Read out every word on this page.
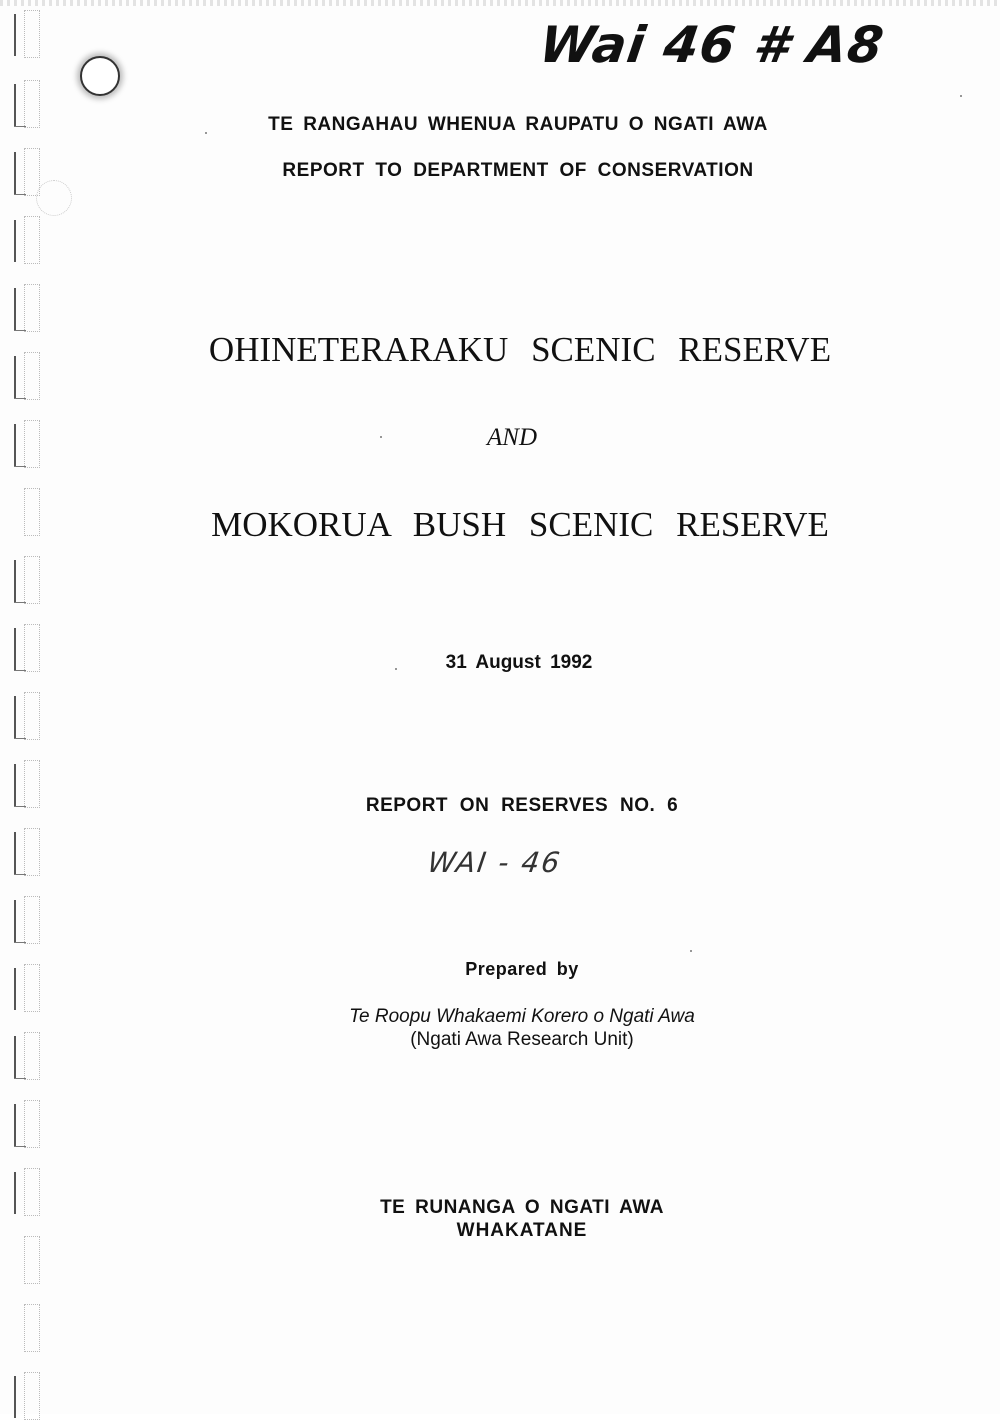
Wai 46 # A8
TE RANGAHAU WHENUA RAUPATU O NGATI AWA
REPORT TO DEPARTMENT OF CONSERVATION
OHINETERARAKU SCENIC RESERVE
AND
MOKORUA BUSH SCENIC RESERVE
31 August 1992
REPORT ON RESERVES NO. 6
WAI - 46
Prepared by
Te Roopu Whakaemi Korero o Ngati Awa
(Ngati Awa Research Unit)
TE RUNANGA O NGATI AWA
WHAKATANE
